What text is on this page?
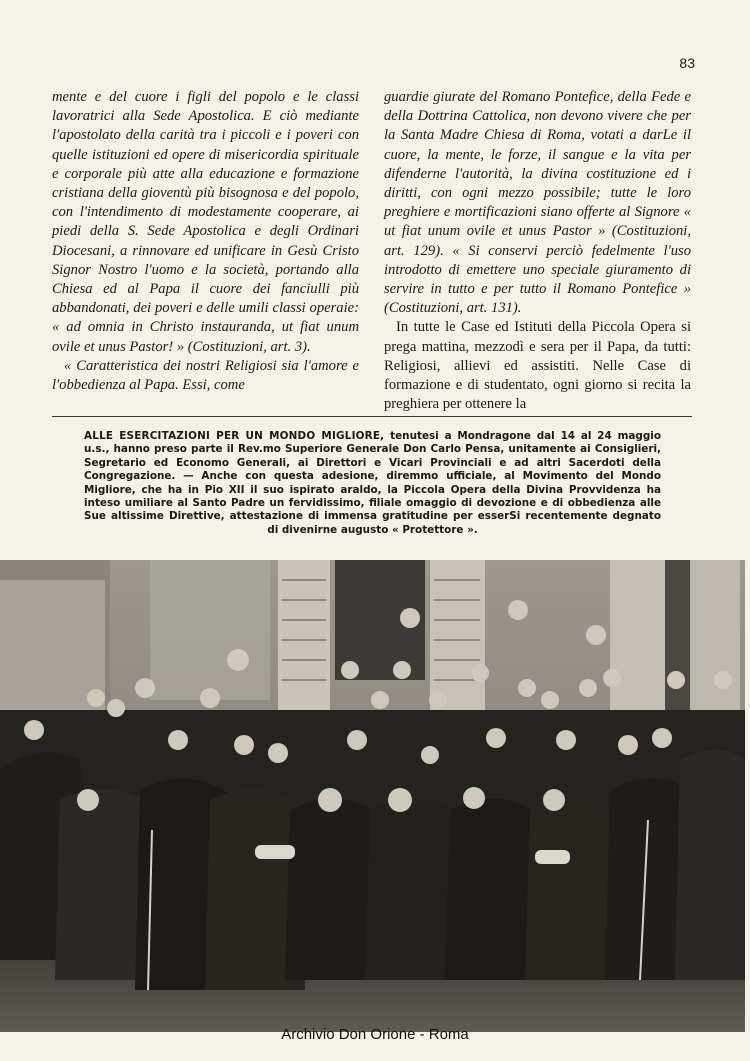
83

mente e del cuore i figli del popolo e le classi lavoratrici alla Sede Apostolica. E ciò mediante l'apostolato della carità tra i piccoli e i poveri con quelle istituzioni ed opere di misericordia spirituale e corporale più atte alla educazione e formazione cristiana della gioventù più bisognosa e del popolo, con l'intendimento di modestamente cooperare, ai piedi della S. Sede Apostolica e degli Ordinari Diocesani, a rinnovare ed unificare in Gesù Cristo Signor Nostro l'uomo e la società, portando alla Chiesa ed al Papa il cuore dei fanciulli più abbandonati, dei poveri e delle umili classi operaie: « ad omnia in Christo instauranda, ut fiat unum ovile et unus Pastor! » (Costituzioni, art. 3).

« Caratteristica dei nostri Religiosi sia l'amore e l'obbedienza al Papa. Essi, come

guardie giurate del Romano Pontefice, della Fede e della Dottrina Cattolica, non devono vivere che per la Santa Madre Chiesa di Roma, votati a darLe il cuore, la mente, le forze, il sangue e la vita per difenderne l'autorità, la divina costituzione ed i diritti, con ogni mezzo possibile; tutte le loro preghiere e mortificazioni siano offerte al Signore « ut fiat unum ovile et unus Pastor » (Costituzioni, art. 129). « Si conservi perciò fedelmente l'uso introdotto di emettere uno speciale giuramento di servire in tutto e per tutto il Romano Pontefice » (Costituzioni, art. 131).

In tutte le Case ed Istituti della Piccola Opera si prega mattina, mezzodì e sera per il Papa, da tutti: Religiosi, allievi ed assistiti. Nelle Case di formazione e di studentato, ogni giorno si recita la preghiera per ottenere la

ALLE ESERCITAZIONI PER UN MONDO MIGLIORE, tenutesi a Mondragone dal 14 al 24 maggio u.s., hanno preso parte il Rev.mo Superiore Generale Don Carlo Pensa, unitamente ai Consiglieri, Segretario ed Economo Generali, ai Direttori e Vicari Provinciali e ad altri Sacerdoti della Congregazione. — Anche con questa adesione, diremmo ufficiale, al Movimento del Mondo Migliore, che ha in Pio XII il suo ispirato araldo, la Piccola Opera della Divina Provvidenza ha inteso umiliare al Santo Padre un fervidissimo, filiale omaggio di devozione e di obbedienza alle Sue altissime Direttive, attestazione di immensa gratitudine per esserSi recentemente degnato di divenirne augusto « Protettore ».
Archivio Don Orione - Roma
